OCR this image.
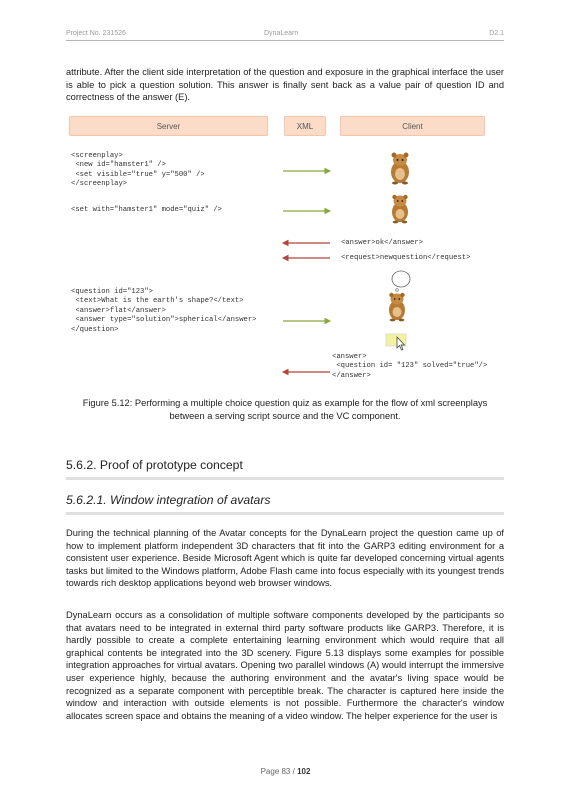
Project No. 231526	DynaLearn	D2.1
attribute. After the client side interpretation of the question and exposure in the graphical interface the user is able to pick a question solution. This answer is finally sent back as a value pair of question ID and correctness of the answer (E).
Server	XML	Client
<screenplay>
<new id="hamster1" />
<set visible="true" y="500" />
</screenplay>
<set with="hamster1" mode="quiz" />
<answer>ok</answer>
<request>newquestion</request>
<question id="123">
<text>What is the earth's shape?</text>
<answer>flat</answer>
<answer type="solution">spherical</answer>
</question>
<answer>
<question id= "123" solved="true"/>
</answer>
Figure 5.12: Performing a multiple choice question quiz as example for the flow of xml screenplays between a serving script source and the VC component.
5.6.2. Proof of prototype concept
5.6.2.1. Window integration of avatars
During the technical planning of the Avatar concepts for the DynaLearn project the question came up of how to implement platform independent 3D characters that fit into the GARP3 editing environment for a consistent user experience. Beside Microsoft Agent which is quite far developed concerning virtual agents tasks but limited to the Windows platform, Adobe Flash came into focus especially with its youngest trends towards rich desktop applications beyond web browser windows.
DynaLearn occurs as a consolidation of multiple software components developed by the participants so that avatars need to be integrated in external third party software products like GARP3. Therefore, it is hardly possible to create a complete entertaining learning environment which would require that all graphical contents be integrated into the 3D scenery. Figure 5.13 displays some examples for possible integration approaches for virtual avatars. Opening two parallel windows (A) would interrupt the immersive user experience highly, because the authoring environment and the avatar's living space would be recognized as a separate component with perceptible break. The character is captured here inside the window and interaction with outside elements is not possible. Furthermore the character's window allocates screen space and obtains the meaning of a video window. The helper experience for the user is
Page 83 / 102
